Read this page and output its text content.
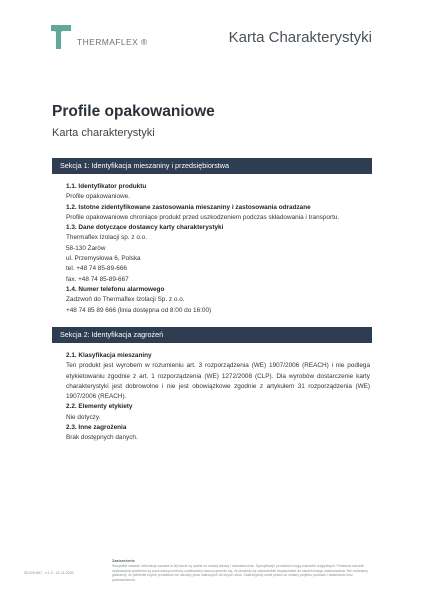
THERMAFLEX ®	Karta Charakterystyki
Profile opakowaniowe
Karta charakterystyki
Sekcja 1: Identyfikacja mieszaniny i przedsiębiorstwa
1.1. Identyfikator produktu
Profile opakowaniowe.
1.2. Istotne zidentyfikowane zastosowania mieszaniny i zastosowania odradzane
Profile opakowaniowe chroniące produkt przed uszkodzeniem podczas składowania i transportu.
1.3. Dane dotyczące dostawcy karty charakterystyki
Thermaflex Izolacji sp. z o.o.
58-130 Żarów
ul. Przemysłowa 6, Polska
tel. +48 74 85-89-666
fax. +48 74 85-89-667
1.4. Numer telefonu alarmowego
Zadzwoń do Thermaflex Izolacji Sp. z o.o.
+48 74 85 89 666 (linia dostępna od 8:00 do 16:00)
Sekcja 2: Identyfikacja zagrożeń
2.1. Klasyfikacja mieszaniny
Ten produkt jest wyrobem w rozumieniu art. 3 rozporządzenia (WE) 1907/2006 (REACH) i nie podlega etykietowaniu zgodnie z art. 1 rozporządzenia (WE) 1272/2008 (CLP). Dla wyrobów dostarczenie karty charakterystyki jest dobrowolne i nie jest obowiązkowe zgodnie z artykułem 31 rozporządzenia (WE) 1907/2006 (REACH).
2.2. Elementy etykiety
Nie dotyczy.
2.3. Inne zagrożenia
Brak dostępnych danych.
00.025.897 - v.1.0 - 21.11.2020
Zastrzeżenie
Wszystkie zawarte informacje zawarte w tej karcie są oparte na naszej wiedzy i doświadczeniu. Specyfikacje produktów mogą zharakter względnych. Ponieważ warunki użytkowania systemów są poza naszą kontrolą, użytkownicy muszą upewnić się, że produkty są odpowiednie dopasowane do zamierzonego zastosowania. Nie udzielamy gwarancji, że pełnienie użycie produktów nie naruszy praw należących do innych stron. Zastrzegamy sobie prawo do zmiany projektu produktu i właściwości bez powiadomienia.
